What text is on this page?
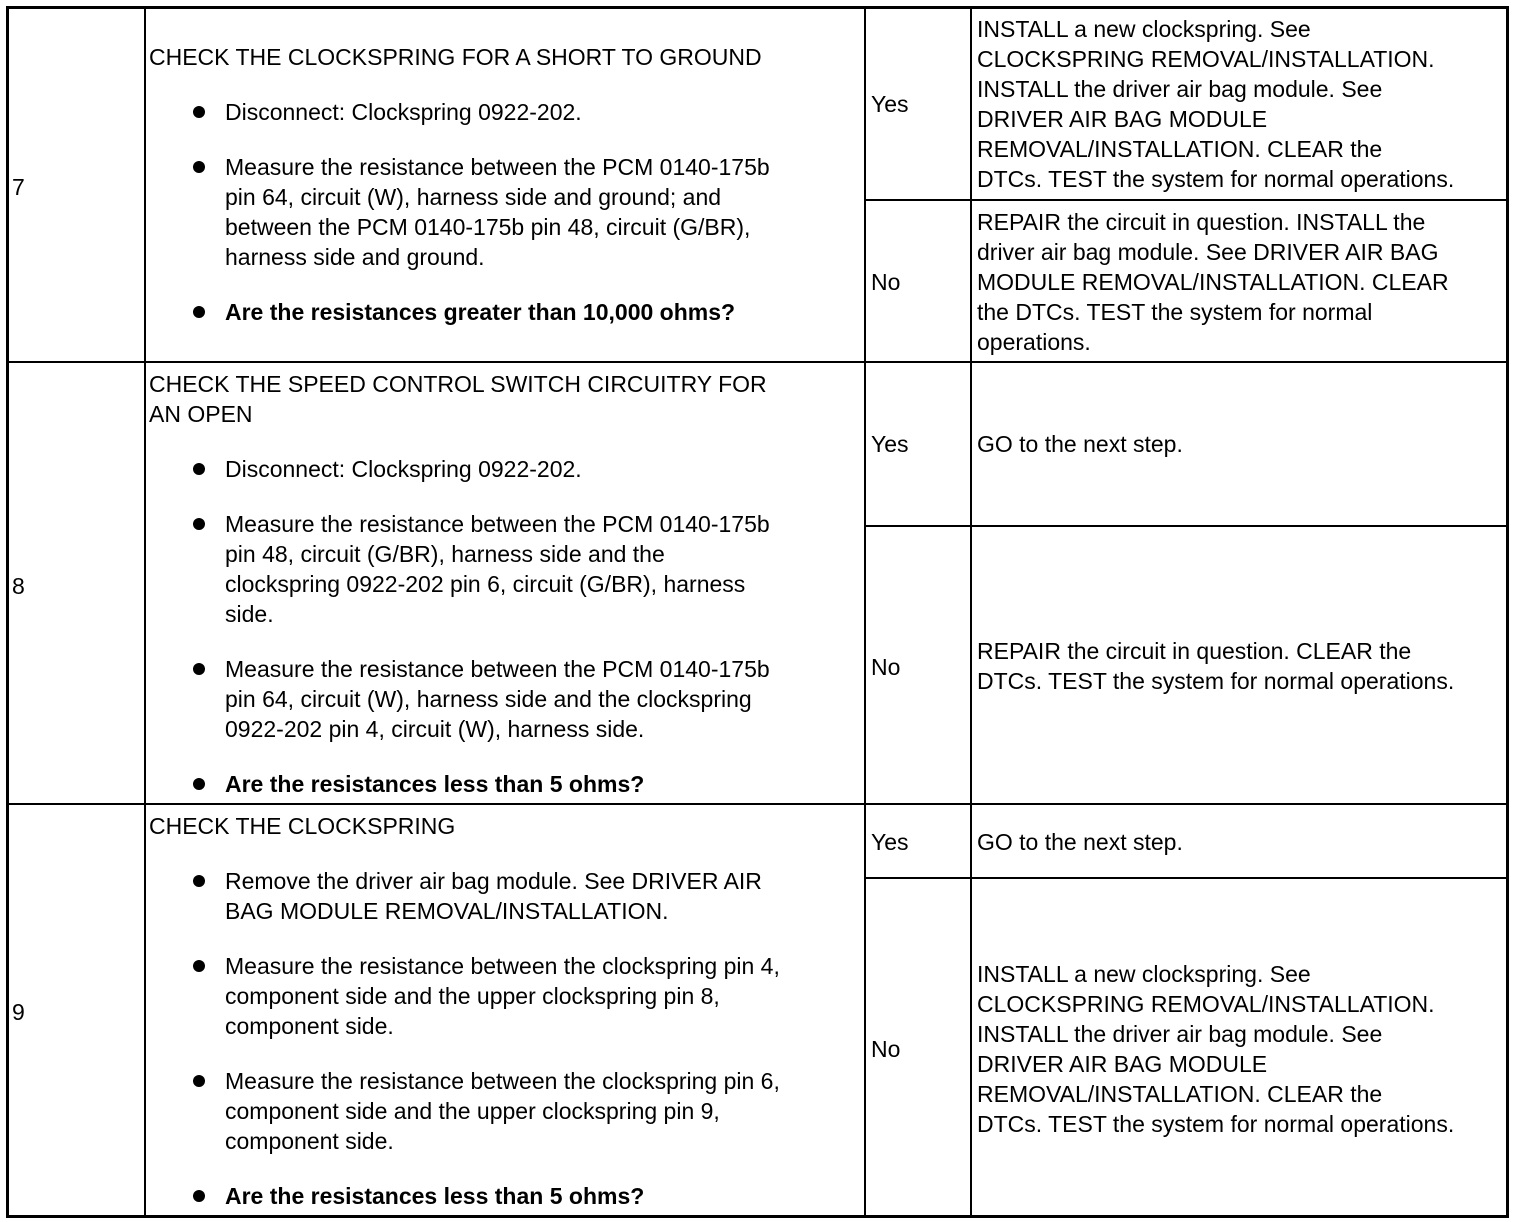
7
CHECK THE CLOCKSPRING FOR A SHORT TO GROUND
Disconnect: Clockspring 0922-202.
Measure the resistance between the PCM 0140-175b
pin 64, circuit (W), harness side and ground; and
between the PCM 0140-175b pin 48, circuit (G/BR),
harness side and ground.
Are the resistances greater than 10,000 ohms?
Yes
No
INSTALL a new clockspring. See
CLOCKSPRING REMOVAL/INSTALLATION.
INSTALL the driver air bag module. See
DRIVER AIR BAG MODULE
REMOVAL/INSTALLATION. CLEAR the
DTCs. TEST the system for normal operations.
REPAIR the circuit in question. INSTALL the
driver air bag module. See DRIVER AIR BAG
MODULE REMOVAL/INSTALLATION. CLEAR
the DTCs. TEST the system for normal
operations.
8
CHECK THE SPEED CONTROL SWITCH CIRCUITRY FOR
AN OPEN
Disconnect: Clockspring 0922-202.
Measure the resistance between the PCM 0140-175b
pin 48, circuit (G/BR), harness side and the
clockspring 0922-202 pin 6, circuit (G/BR), harness
side.
Measure the resistance between the PCM 0140-175b
pin 64, circuit (W), harness side and the clockspring
0922-202 pin 4, circuit (W), harness side.
Are the resistances less than 5 ohms?
Yes
No
GO to the next step.
REPAIR the circuit in question. CLEAR the
DTCs. TEST the system for normal operations.
9
CHECK THE CLOCKSPRING
Remove the driver air bag module. See DRIVER AIR
BAG MODULE REMOVAL/INSTALLATION.
Measure the resistance between the clockspring pin 4,
component side and the upper clockspring pin 8,
component side.
Measure the resistance between the clockspring pin 6,
component side and the upper clockspring pin 9,
component side.
Are the resistances less than 5 ohms?
Yes
No
GO to the next step.
INSTALL a new clockspring. See
CLOCKSPRING REMOVAL/INSTALLATION.
INSTALL the driver air bag module. See
DRIVER AIR BAG MODULE
REMOVAL/INSTALLATION. CLEAR the
DTCs. TEST the system for normal operations.
